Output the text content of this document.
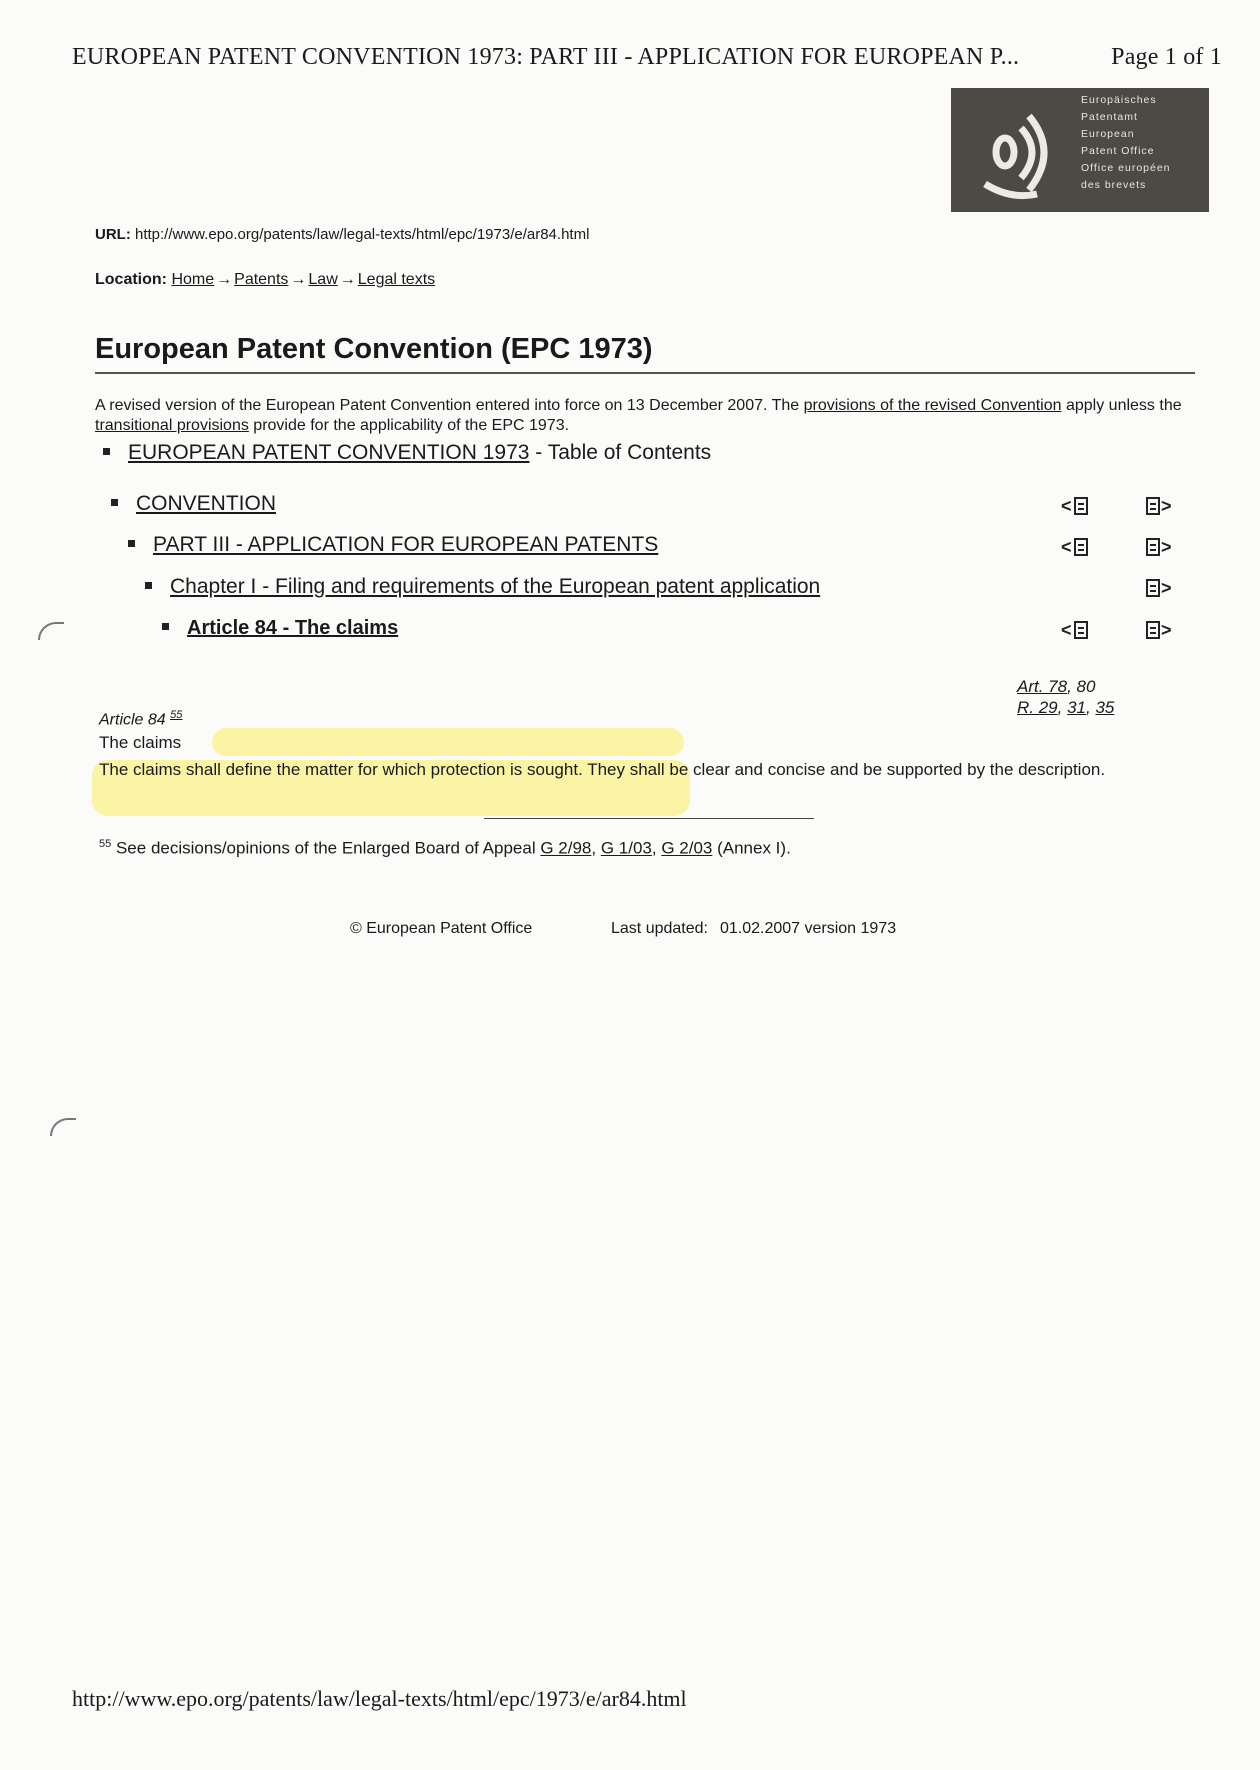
EUROPEAN PATENT CONVENTION 1973: PART III - APPLICATION FOR EUROPEAN P...	Page 1 of 1
Europäisches
Patentamt
European
Patent Office
Office européen
des brevets
URL: http://www.epo.org/patents/law/legal-texts/html/epc/1973/e/ar84.html
Location: Home → Patents → Law → Legal texts
European Patent Convention (EPC 1973)
A revised version of the European Patent Convention entered into force on 13 December 2007. The provisions of the revised Convention apply unless the transitional provisions provide for the applicability of the EPC 1973.
EUROPEAN PATENT CONVENTION 1973 - Table of Contents
CONVENTION	<	>
PART III - APPLICATION FOR EUROPEAN PATENTS	<	>
Chapter I - Filing and requirements of the European patent application	>
Article 84 - The claims	<	>
Art. 78, 80
R. 29, 31, 35
Article 84 $^{55}$
The claims
The claims shall define the matter for which protection is sought. They shall be clear and concise and be supported by the description.
$^{55}$ See decisions/opinions of the Enlarged Board of Appeal G 2/98, G 1/03, G 2/03 (Annex I).
© European Patent Office	Last updated: 01.02.2007 version 1973
http://www.epo.org/patents/law/legal-texts/html/epc/1973/e/ar84.html
